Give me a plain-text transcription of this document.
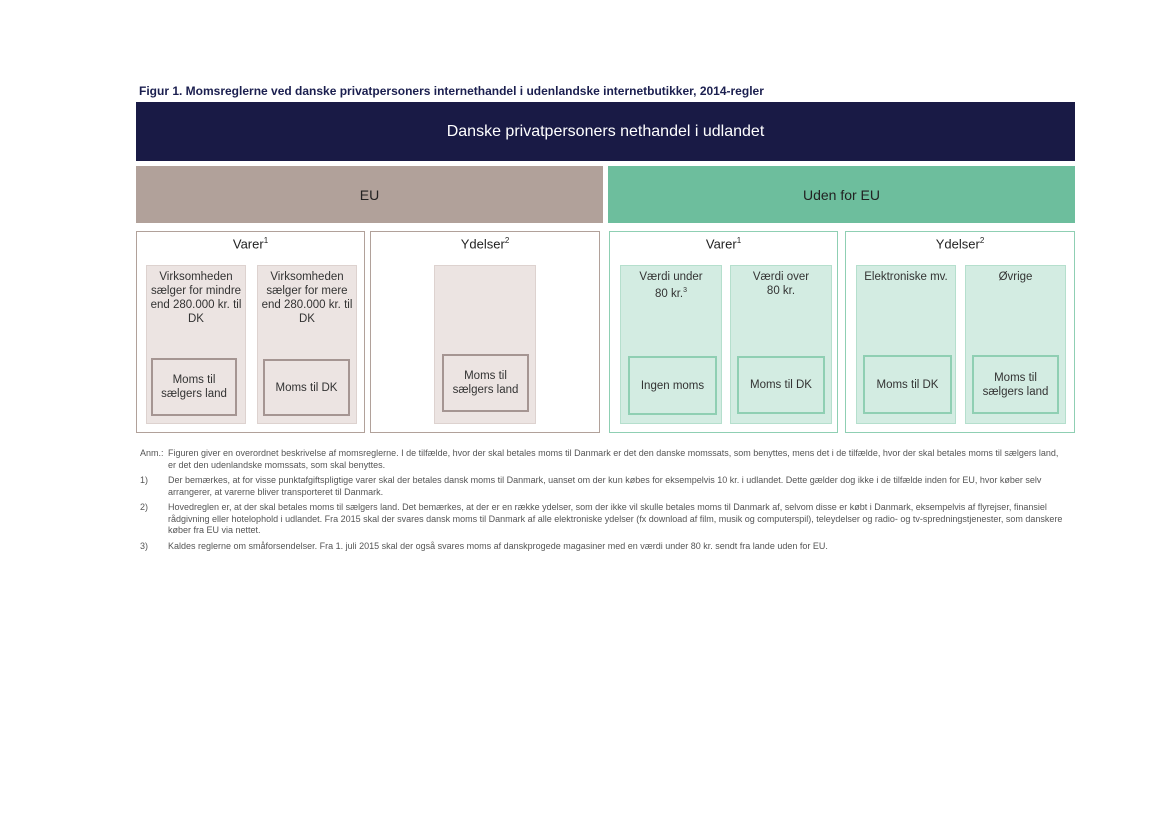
Figur 1. Momsreglerne ved danske privatpersoners internethandel i udenlandske internetbutikker, 2014-regler
Danske privatpersoners nethandel i udlandet
EU	Uden for EU
Varer$^1$
Virksomheden sælger for mindre end 280.000 kr. til DK
Moms til sælgers land
Virksomheden sælger for mere end 280.000 kr. til DK
Moms til DK
Ydelser$^2$
Moms til sælgers land
Varer$^1$
Værdi under 80 kr.$^3$
Ingen moms
Værdi over 80 kr.
Moms til DK
Ydelser$^2$
Elektroniske mv.
Moms til DK
Øvrige
Moms til sælgers land
Anm.: Figuren giver en overordnet beskrivelse af momsreglerne. I de tilfælde, hvor der skal betales moms til Danmark er det den danske momssats, som benyttes, mens det i de tilfælde, hvor der skal betales moms til sælgers land, er det den udenlandske momssats, som skal benyttes.
1)	Der bemærkes, at for visse punktafgiftspligtige varer skal der betales dansk moms til Danmark, uanset om der kun købes for eksempelvis 10 kr. i udlandet. Dette gælder dog ikke i de tilfælde inden for EU, hvor køber selv arrangerer, at varerne bliver transporteret til Danmark.
2)	Hovedreglen er, at der skal betales moms til sælgers land. Det bemærkes, at der er en række ydelser, som der ikke vil skulle betales moms til Danmark af, selvom disse er købt i Danmark, eksempelvis af flyrejser, finansiel rådgivning eller hotelophold i udlandet. Fra 2015 skal der svares dansk moms til Danmark af alle elektroniske ydelser (fx download af film, musik og computerspil), teleydelser og radio- og tv-spredningstjenester, som danskere køber fra EU via nettet.
3)	Kaldes reglerne om småforsendelser. Fra 1. juli 2015 skal der også svares moms af danskprogede magasiner med en værdi under 80 kr. sendt fra lande uden for EU.
